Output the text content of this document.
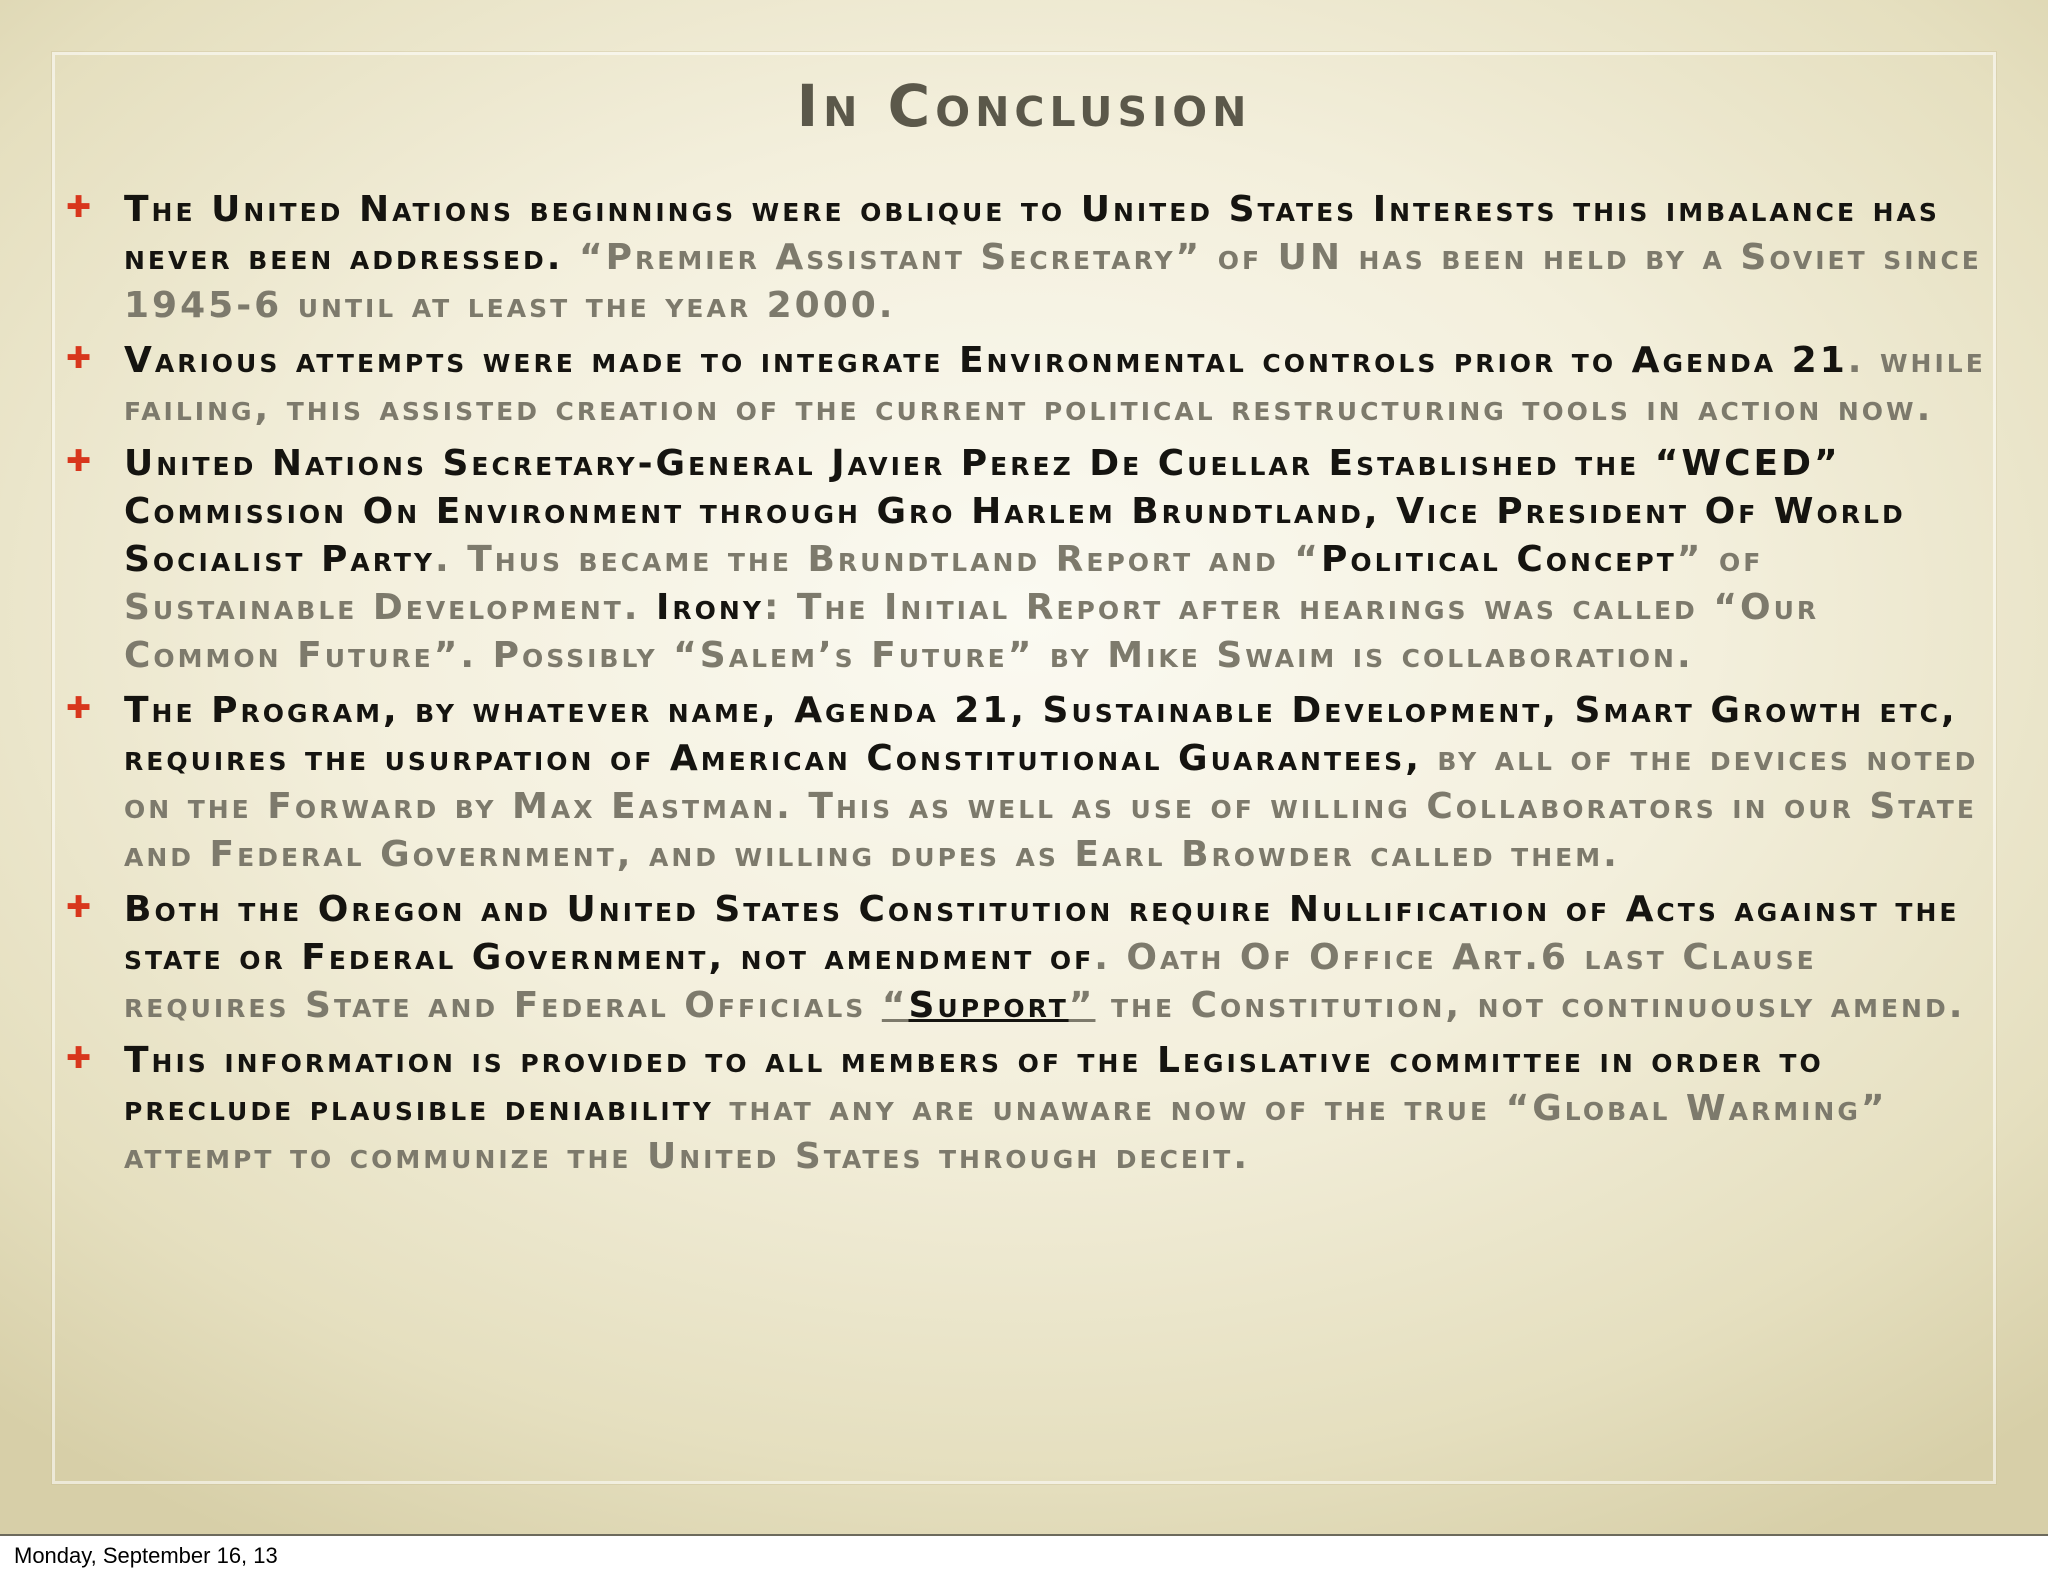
In Conclusion
✚ The United Nations beginnings were oblique to United States Interests this imbalance has never been addressed. “Premier Assistant Secretary” of UN has been held by a Soviet since 1945-6 until at least the year 2000.
✚ Various attempts were made to integrate Environmental controls prior to Agenda 21. while failing, this assisted creation of the current political restructuring tools in action now.
✚ United Nations Secretary-General Javier Perez De Cuellar Established the “WCED” Commission On Environment through Gro Harlem Brundtland, Vice President Of World Socialist Party. Thus became the Brundtland Report and “Political Concept” of Sustainable Development. Irony: The Initial Report after hearings was called “Our Common Future”. Possibly “Salem’s Future” by Mike Swaim is collaboration.
✚ The Program, by whatever name, Agenda 21, Sustainable Development, Smart Growth etc, requires the usurpation of American Constitutional Guarantees, by all of the devices noted on the Forward by Max Eastman. This as well as use of willing Collaborators in our State and Federal Government, and willing dupes as Earl Browder called them.
✚ Both the Oregon and United States Constitution require Nullification of Acts against the state or Federal Government, not amendment of. Oath Of Office Art.6 last Clause requires State and Federal Officials “Support” the Constitution, not continuously amend.
✚ This information is provided to all members of the Legislative committee in order to preclude plausible deniability that any are unaware now of the true “Global Warming” attempt to communize the United States through deceit.
Monday, September 16, 13
